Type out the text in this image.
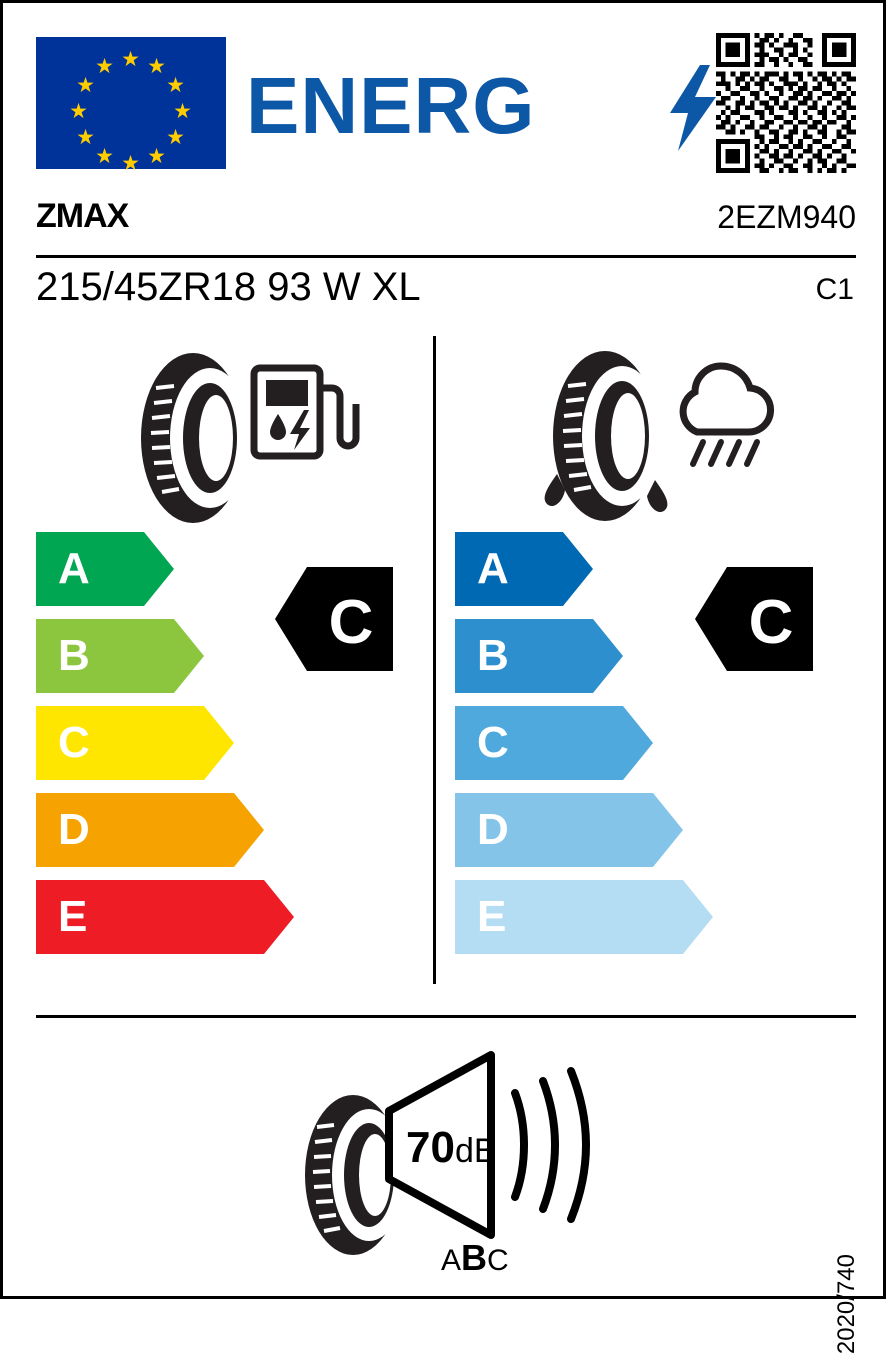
★ ★
★
★
★
★
★
★
★
★
★
★ ENERG
ZMAX	2EZM940
215/45ZR18 93 W XL	C1
A
B
C
D
E
C
A
B
C
D
E
C
70dB
ABC	2020/740
